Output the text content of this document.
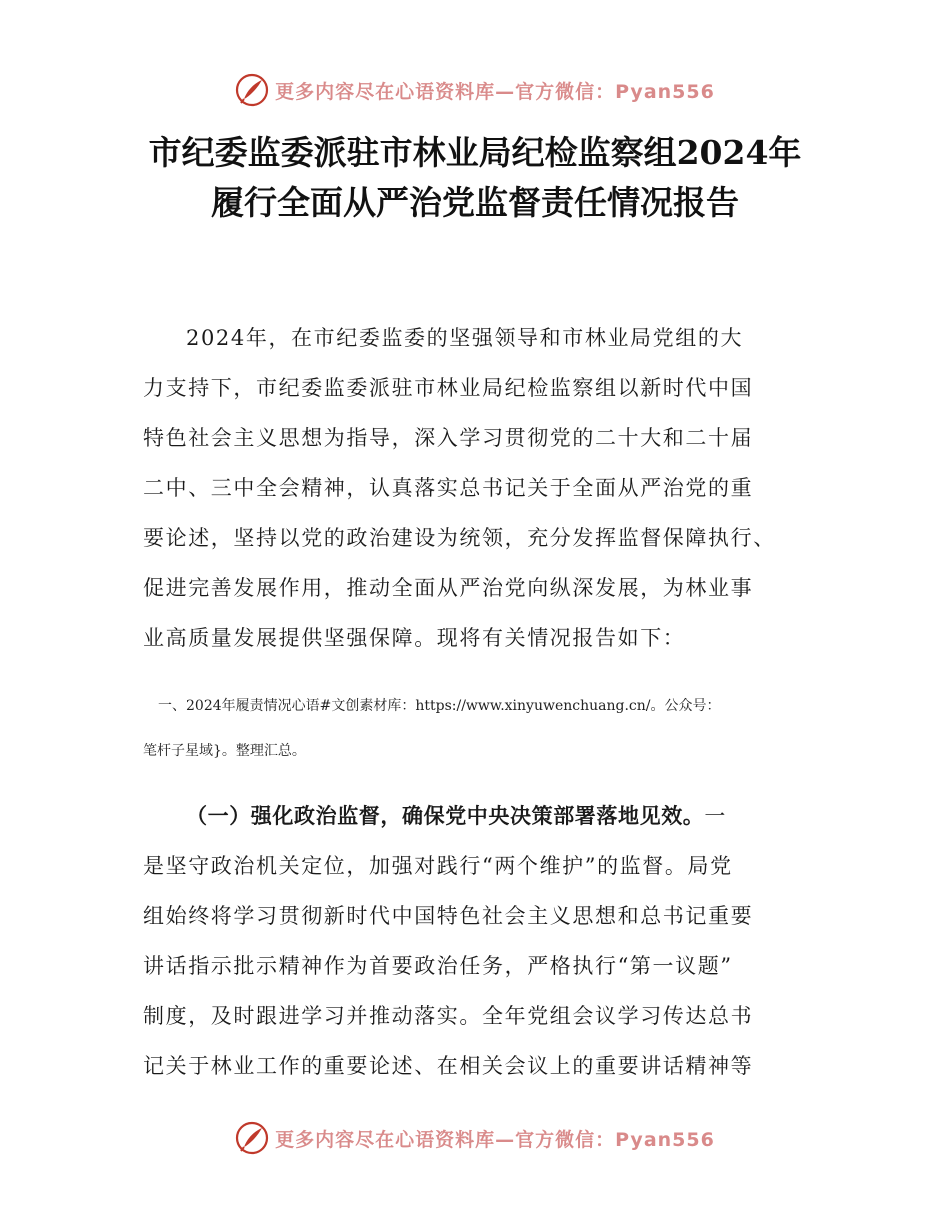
更多内容尽在心语资料库—官方微信：Pyan556
市纪委监委派驻市林业局纪检监察组2024年
履行全面从严治党监督责任情况报告
2024年，在市纪委监委的坚强领导和市林业局党组的大
力支持下，市纪委监委派驻市林业局纪检监察组以新时代中国
特色社会主义思想为指导，深入学习贯彻党的二十大和二十届
二中、三中全会精神，认真落实总书记关于全面从严治党的重
要论述，坚持以党的政治建设为统领，充分发挥监督保障执行、
促进完善发展作用，推动全面从严治党向纵深发展，为林业事
业高质量发展提供坚强保障。现将有关情况报告如下：
一、2024年履责情况心语#文创素材库：https://www.xinyuwenchuang.cn/。公众号：
笔杆子星域}。整理汇总。
（一）强化政治监督，确保党中央决策部署落地见效。一
是坚守政治机关定位，加强对践行“两个维护”的监督。局党
组始终将学习贯彻新时代中国特色社会主义思想和总书记重要
讲话指示批示精神作为首要政治任务，严格执行“第一议题”
制度，及时跟进学习并推动落实。全年党组会议学习传达总书
记关于林业工作的重要论述、在相关会议上的重要讲话精神等
更多内容尽在心语资料库—官方微信：Pyan556
